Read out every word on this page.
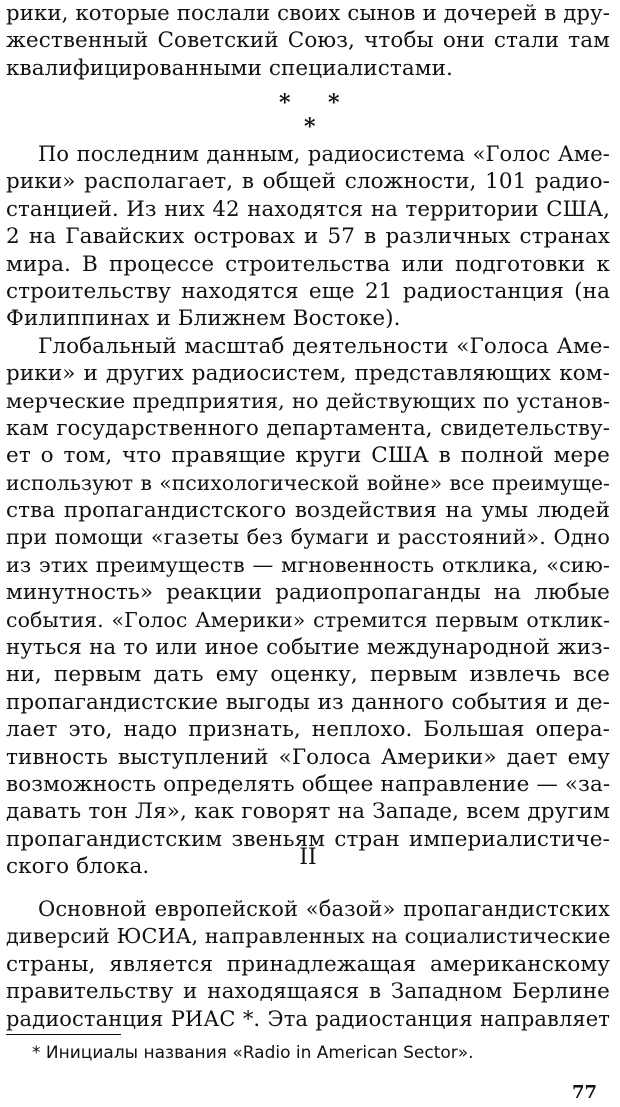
рики, которые послали своих сынов и дочерей в дру-
жественный Советский Союз, чтобы они стали там
квалифицированными специалистами.
* *
*
По последним данным, радиосистема «Голос Аме-
рики» располагает, в общей сложности, 101 радио-
станцией. Из них 42 находятся на территории США,
2 на Гавайских островах и 57 в различных странах
мира. В процессе строительства или подготовки к
строительству находятся еще 21 радиостанция (на
Филиппинах и Ближнем Востоке).
Глобальный масштаб деятельности «Голоса Аме-
рики» и других радиосистем, представляющих ком-
мерческие предприятия, но действующих по установ-
кам государственного департамента, свидетельству-
ет о том, что правящие круги США в полной мере
используют в «психологической войне» все преимуще-
ства пропагандистского воздействия на умы людей
при помощи «газеты без бумаги и расстояний». Одно
из этих преимуществ — мгновенность отклика, «сию-
минутность» реакции радиопропаганды на любые
события. «Голос Америки» стремится первым отклик-
нуться на то или иное событие международной жиз-
ни, первым дать ему оценку, первым извлечь все
пропагандистские выгоды из данного события и де-
лает это, надо признать, неплохо. Большая опера-
тивность выступлений «Голоса Америки» дает ему
возможность определять общее направление — «за-
давать тон Ля», как говорят на Западе, всем другим
пропагандистским звеньям стран империалистиче-
ского блока.	II
Основной европейской «базой» пропагандистских
диверсий ЮСИА, направленных на социалистические
страны, является принадлежащая американскому
правительству и находящаяся в Западном Берлине
радиостанция РИАС *. Эта радиостанция направляет
* Инициалы названия «Radio in American Sector».
77
